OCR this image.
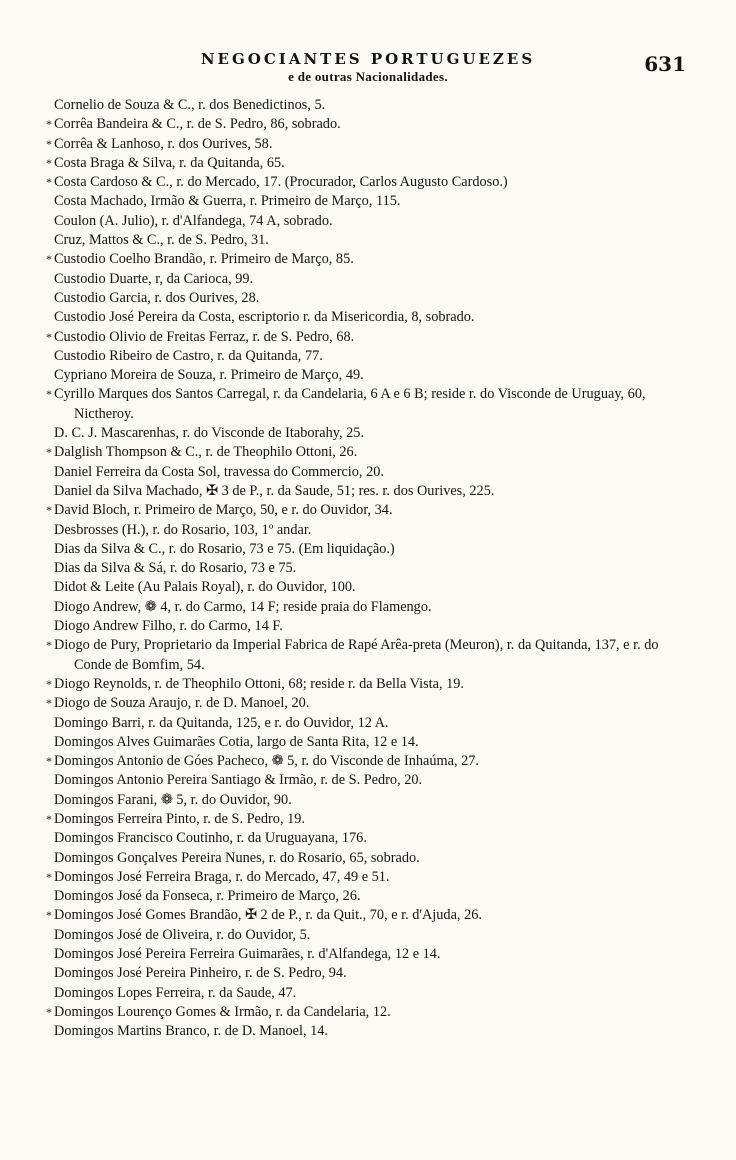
NEGOCIANTES PORTUGUEZES
e de outras Nacionalidades.
631
Cornelio de Souza & C., r. dos Benedictinos, 5.
* Corrêa Bandeira & C., r. de S. Pedro, 86, sobrado.
* Corrêa & Lanhoso, r. dos Ourives, 58.
* Costa Braga & Silva, r. da Quitanda, 65.
* Costa Cardoso & C., r. do Mercado, 17. (Procurador, Carlos Augusto Cardoso.)
Costa Machado, Irmão & Guerra, r. Primeiro de Março, 115.
Coulon (A. Julio), r. d'Alfandega, 74 A, sobrado.
Cruz, Mattos & C., r. de S. Pedro, 31.
* Custodio Coelho Brandão, r. Primeiro de Março, 85.
Custodio Duarte, r, da Carioca, 99.
Custodio Garcia, r. dos Ourives, 28.
Custodio José Pereira da Costa, escriptorio r. da Misericordia, 8, sobrado.
* Custodio Olivio de Freitas Ferraz, r. de S. Pedro, 68.
Custodio Ribeiro de Castro, r. da Quitanda, 77.
Cypriano Moreira de Souza, r. Primeiro de Março, 49.
* Cyrillo Marques dos Santos Carregal, r. da Candelaria, 6 A e 6 B; reside r. do Visconde de Uruguay, 60, Nictheroy.
D. C. J. Mascarenhas, r. do Visconde de Itaborahy, 25.
* Dalglish Thompson & C., r. de Theophilo Ottoni, 26.
Daniel Ferreira da Costa Sol, travessa do Commercio, 20.
Daniel da Silva Machado, ✠ 3 de P., r. da Saude, 51; res. r. dos Ourives, 225.
* David Bloch, r. Primeiro de Março, 50, e r. do Ouvidor, 34.
Desbrosses (H.), r. do Rosario, 103, 1º andar.
Dias da Silva & C., r. do Rosario, 73 e 75. (Em liquidação.)
Dias da Silva & Sá, r. do Rosario, 73 e 75.
Didot & Leite (Au Palais Royal), r. do Ouvidor, 100.
Diogo Andrew, ❁ 4, r. do Carmo, 14 F; reside praia do Flamengo.
Diogo Andrew Filho, r. do Carmo, 14 F.
* Diogo de Pury, Proprietario da Imperial Fabrica de Rapé Arêa-preta (Meuron), r. da Quitanda, 137, e r. do Conde de Bomfim, 54.
* Diogo Reynolds, r. de Theophilo Ottoni, 68; reside r. da Bella Vista, 19.
* Diogo de Souza Araujo, r. de D. Manoel, 20.
Domingo Barri, r. da Quitanda, 125, e r. do Ouvidor, 12 A.
Domingos Alves Guimarães Cotia, largo de Santa Rita, 12 e 14.
* Domingos Antonio de Góes Pacheco, ❁ 5, r. do Visconde de Inhaúma, 27.
Domingos Antonio Pereira Santiago & Irmão, r. de S. Pedro, 20.
Domingos Farani, ❁ 5, r. do Ouvidor, 90.
* Domingos Ferreira Pinto, r. de S. Pedro, 19.
Domingos Francisco Coutinho, r. da Uruguayana, 176.
Domingos Gonçalves Pereira Nunes, r. do Rosario, 65, sobrado.
* Domingos José Ferreira Braga, r. do Mercado, 47, 49 e 51.
Domingos José da Fonseca, r. Primeiro de Março, 26.
* Domingos José Gomes Brandão, ✠ 2 de P., r. da Quit., 70, e r. d'Ajuda, 26.
Domingos José de Oliveira, r. do Ouvidor, 5.
Domingos José Pereira Ferreira Guimarães, r. d'Alfandega, 12 e 14.
Domingos José Pereira Pinheiro, r. de S. Pedro, 94.
Domingos Lopes Ferreira, r. da Saude, 47.
* Domingos Lourenço Gomes & Irmão, r. da Candelaria, 12.
Domingos Martins Branco, r. de D. Manoel, 14.
